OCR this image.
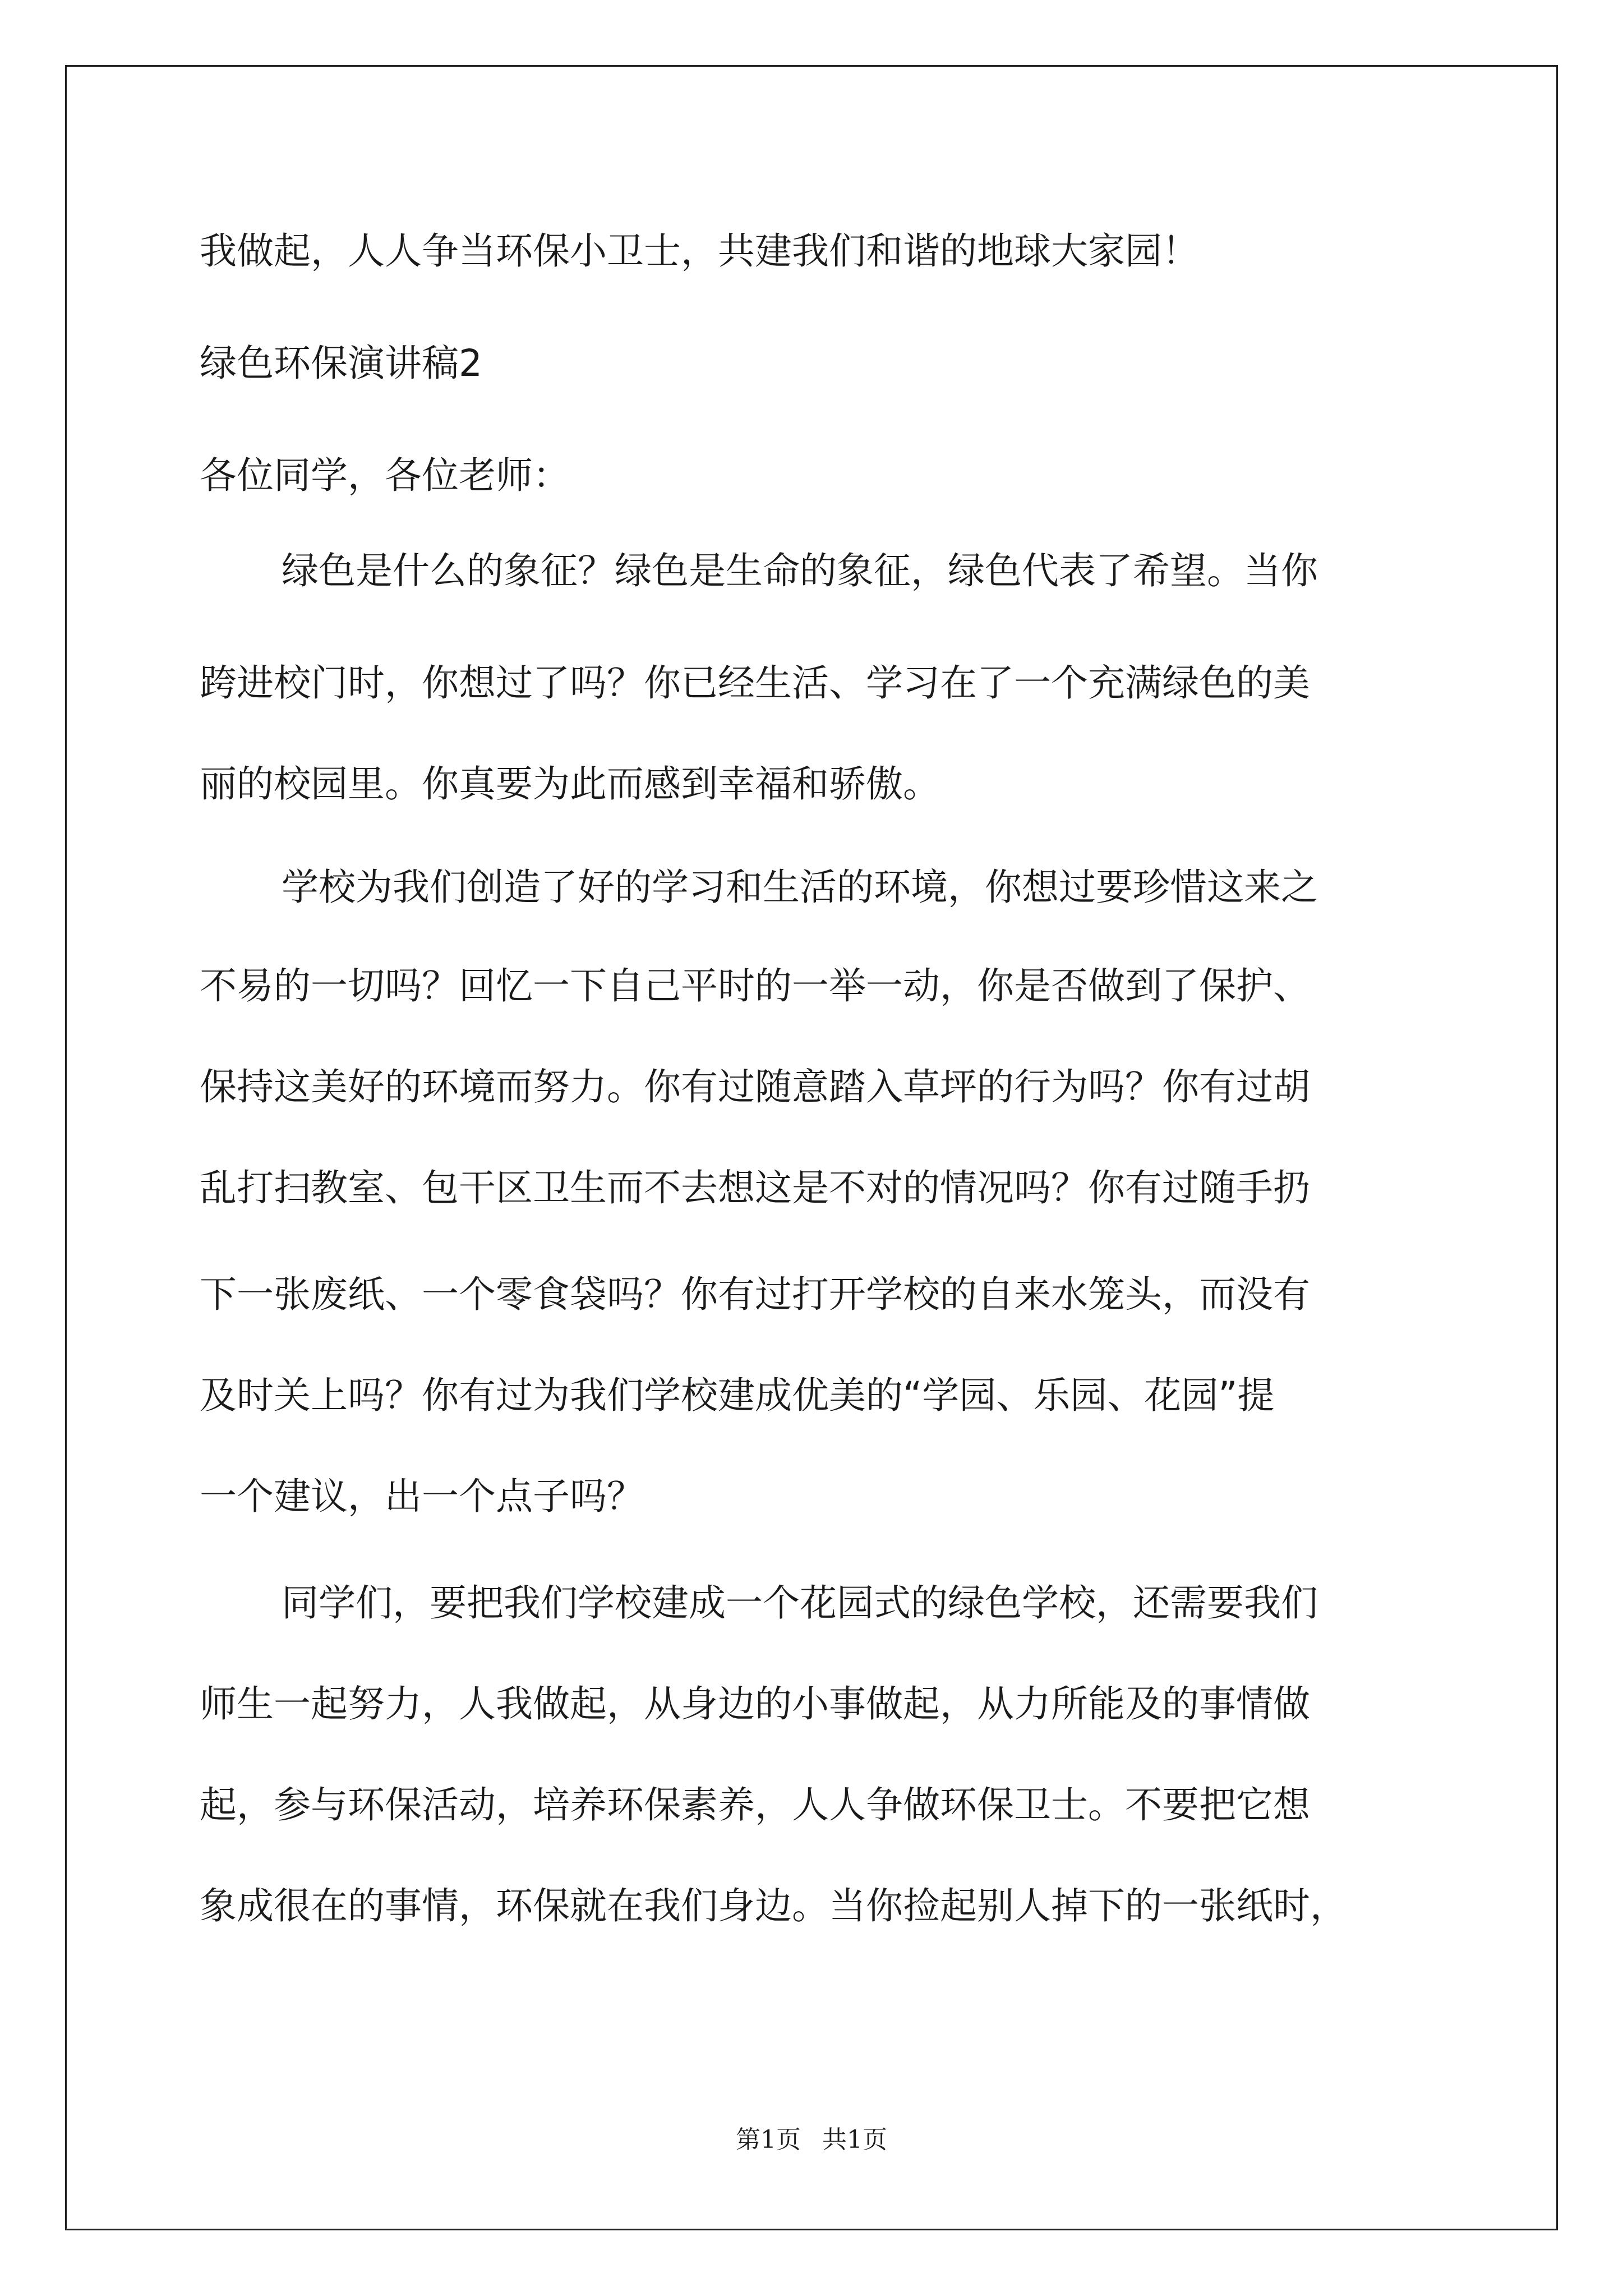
我做起，人人争当环保小卫士，共建我们和谐的地球大家园！
绿色环保演讲稿2
各位同学，各位老师：
绿色是什么的象征？绿色是生命的象征，绿色代表了希望。当你
跨进校门时，你想过了吗？你已经生活、学习在了一个充满绿色的美
丽的校园里。你真要为此而感到幸福和骄傲。
学校为我们创造了好的学习和生活的环境，你想过要珍惜这来之
不易的一切吗？回忆一下自己平时的一举一动，你是否做到了保护、
保持这美好的环境而努力。你有过随意踏入草坪的行为吗？你有过胡
乱打扫教室、包干区卫生而不去想这是不对的情况吗？你有过随手扔
下一张废纸、一个零食袋吗？你有过打开学校的自来水笼头，而没有
及时关上吗？你有过为我们学校建成优美的“学园、乐园、花园”提
一个建议，出一个点子吗？
同学们，要把我们学校建成一个花园式的绿色学校，还需要我们
师生一起努力，人我做起，从身边的小事做起，从力所能及的事情做
起，参与环保活动，培养环保素养，人人争做环保卫士。不要把它想
象成很在的事情，环保就在我们身边。当你捡起别人掉下的一张纸时，
第1页 共1页
